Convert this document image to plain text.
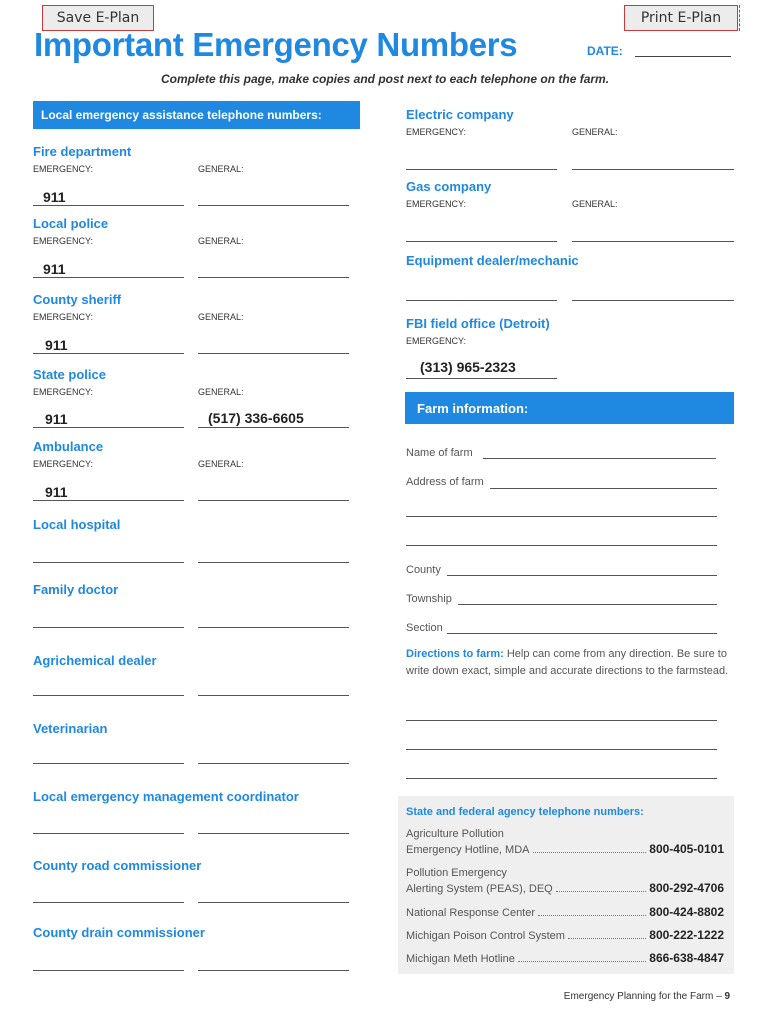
Save E-Plan	Print E-Plan
Important Emergency Numbers	DATE:
Complete this page, make copies and post next to each telephone on the farm.
Local emergency assistance telephone numbers:
Fire department
EMERGENCY:	GENERAL:
911
Local police
EMERGENCY:	GENERAL:
911
County sheriff
EMERGENCY:	GENERAL:
911
State police
EMERGENCY:	GENERAL:
911	(517) 336-6605
Ambulance
EMERGENCY:	GENERAL:
911
Local hospital
Family doctor
Agrichemical dealer
Veterinarian
Local emergency management coordinator
County road commissioner
County drain commissioner
Electric company
EMERGENCY:	GENERAL:
Gas company
EMERGENCY:	GENERAL:
Equipment dealer/mechanic
FBI field office (Detroit)
EMERGENCY:
(313) 965-2323
Farm information:
Name of farm
Address of farm
County
Township
Section
Directions to farm: Help can come from any direction. Be sure to write down exact, simple and accurate directions to the farmstead.
State and federal agency telephone numbers:
Agriculture Pollution
Emergency Hotline, MDA	800-405-0101
Pollution Emergency
Alerting System (PEAS), DEQ	800-292-4706
National Response Center	800-424-8802
Michigan Poison Control System	800-222-1222
Michigan Meth Hotline	866-638-4847
Emergency Planning for the Farm – 9
